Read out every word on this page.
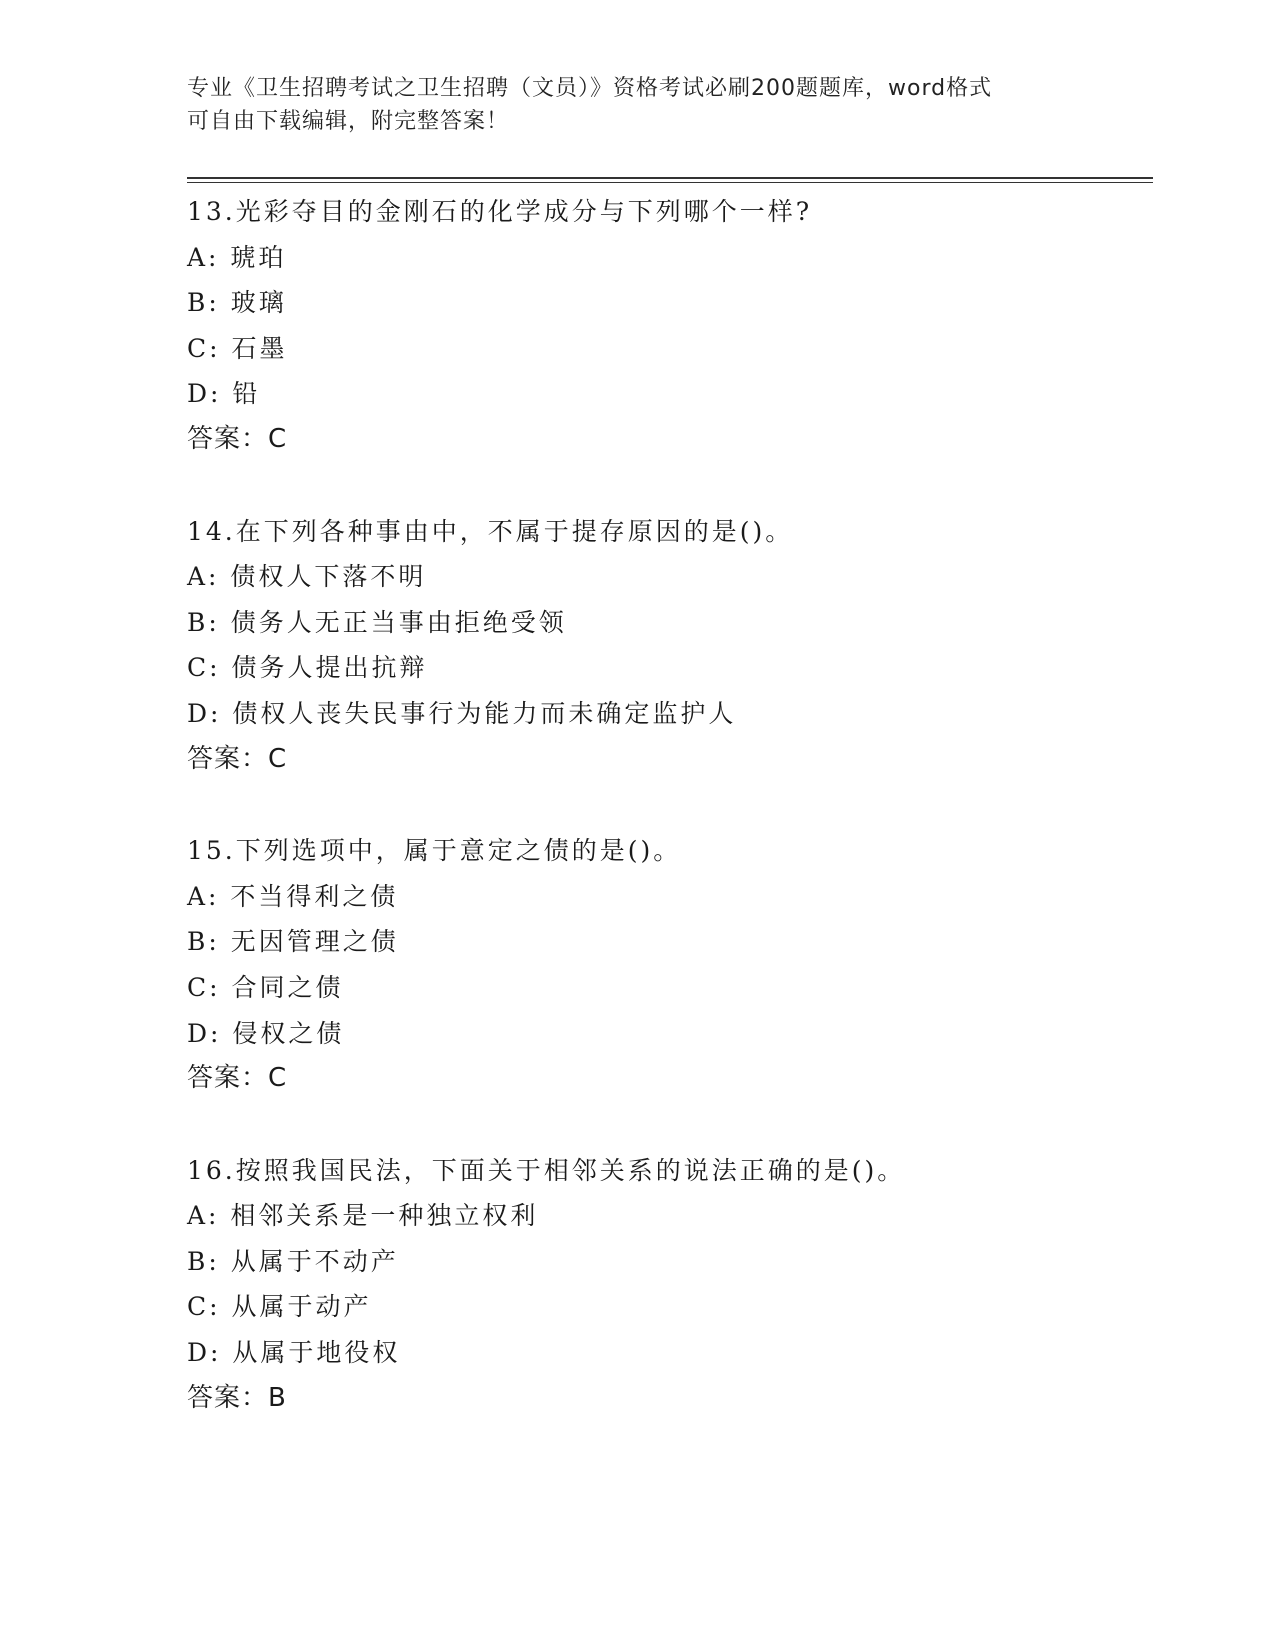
专业《卫生招聘考试之卫生招聘（文员）》资格考试必刷200题题库，word格式
可自由下载编辑，附完整答案！
13.光彩夺目的金刚石的化学成分与下列哪个一样?
A: 琥珀
B: 玻璃
C: 石墨
D: 铅
答案：C
14.在下列各种事由中，不属于提存原因的是()。
A: 债权人下落不明
B: 债务人无正当事由拒绝受领
C: 债务人提出抗辩
D: 债权人丧失民事行为能力而未确定监护人
答案：C
15.下列选项中，属于意定之债的是()。
A: 不当得利之债
B: 无因管理之债
C: 合同之债
D: 侵权之债
答案：C
16.按照我国民法，下面关于相邻关系的说法正确的是()。
A: 相邻关系是一种独立权利
B: 从属于不动产
C: 从属于动产
D: 从属于地役权
答案：B
